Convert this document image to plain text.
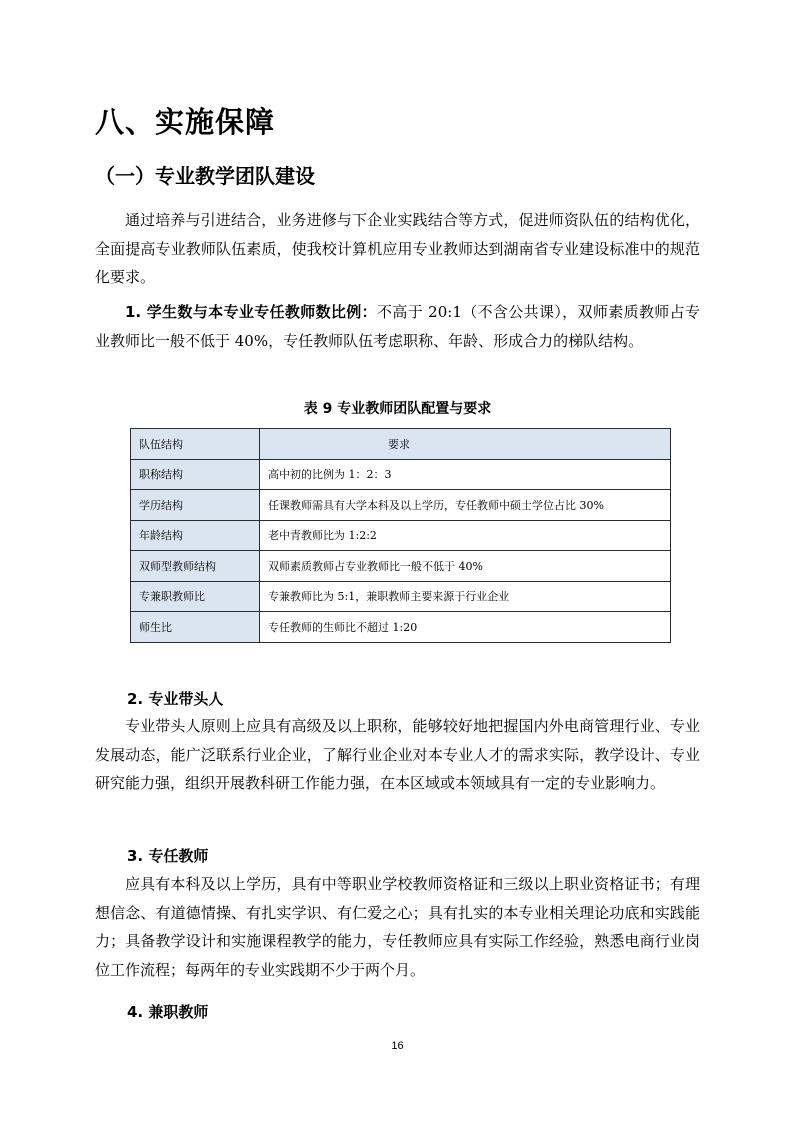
八、实施保障
（一）专业教学团队建设

通过培养与引进结合，业务进修与下企业实践结合等方式，促进师资队伍的结构优化，全面提高专业教师队伍素质，使我校计算机应用专业教师达到湖南省专业建设标准中的规范化要求。

1. 学生数与本专业专任教师数比例：不高于 20:1（不含公共课），双师素质教师占专业教师比一般不低于 40%，专任教师队伍考虑职称、年龄、形成合力的梯队结构。

表 9 专业教师团队配置与要求
队伍结构	要求
职称结构	高中初的比例为 1：2：3
学历结构	任课教师需具有大学本科及以上学历，专任教师中硕士学位占比 30%
年龄结构	老中青教师比为 1:2:2
双师型教师结构	双师素质教师占专业教师比一般不低于 40%
专兼职教师比	专兼教师比为 5:1，兼职教师主要来源于行业企业
师生比	专任教师的生师比不超过 1:20
2. 专业带头人

专业带头人原则上应具有高级及以上职称，能够较好地把握国内外电商管理行业、专业发展动态，能广泛联系行业企业，了解行业企业对本专业人才的需求实际，教学设计、专业研究能力强，组织开展教科研工作能力强，在本区域或本领域具有一定的专业影响力。

3. 专任教师

应具有本科及以上学历，具有中等职业学校教师资格证和三级以上职业资格证书；有理想信念、有道德情操、有扎实学识、有仁爱之心；具有扎实的本专业相关理论功底和实践能力；具备教学设计和实施课程教学的能力，专任教师应具有实际工作经验，熟悉电商行业岗位工作流程；每两年的专业实践期不少于两个月。

4. 兼职教师
16
